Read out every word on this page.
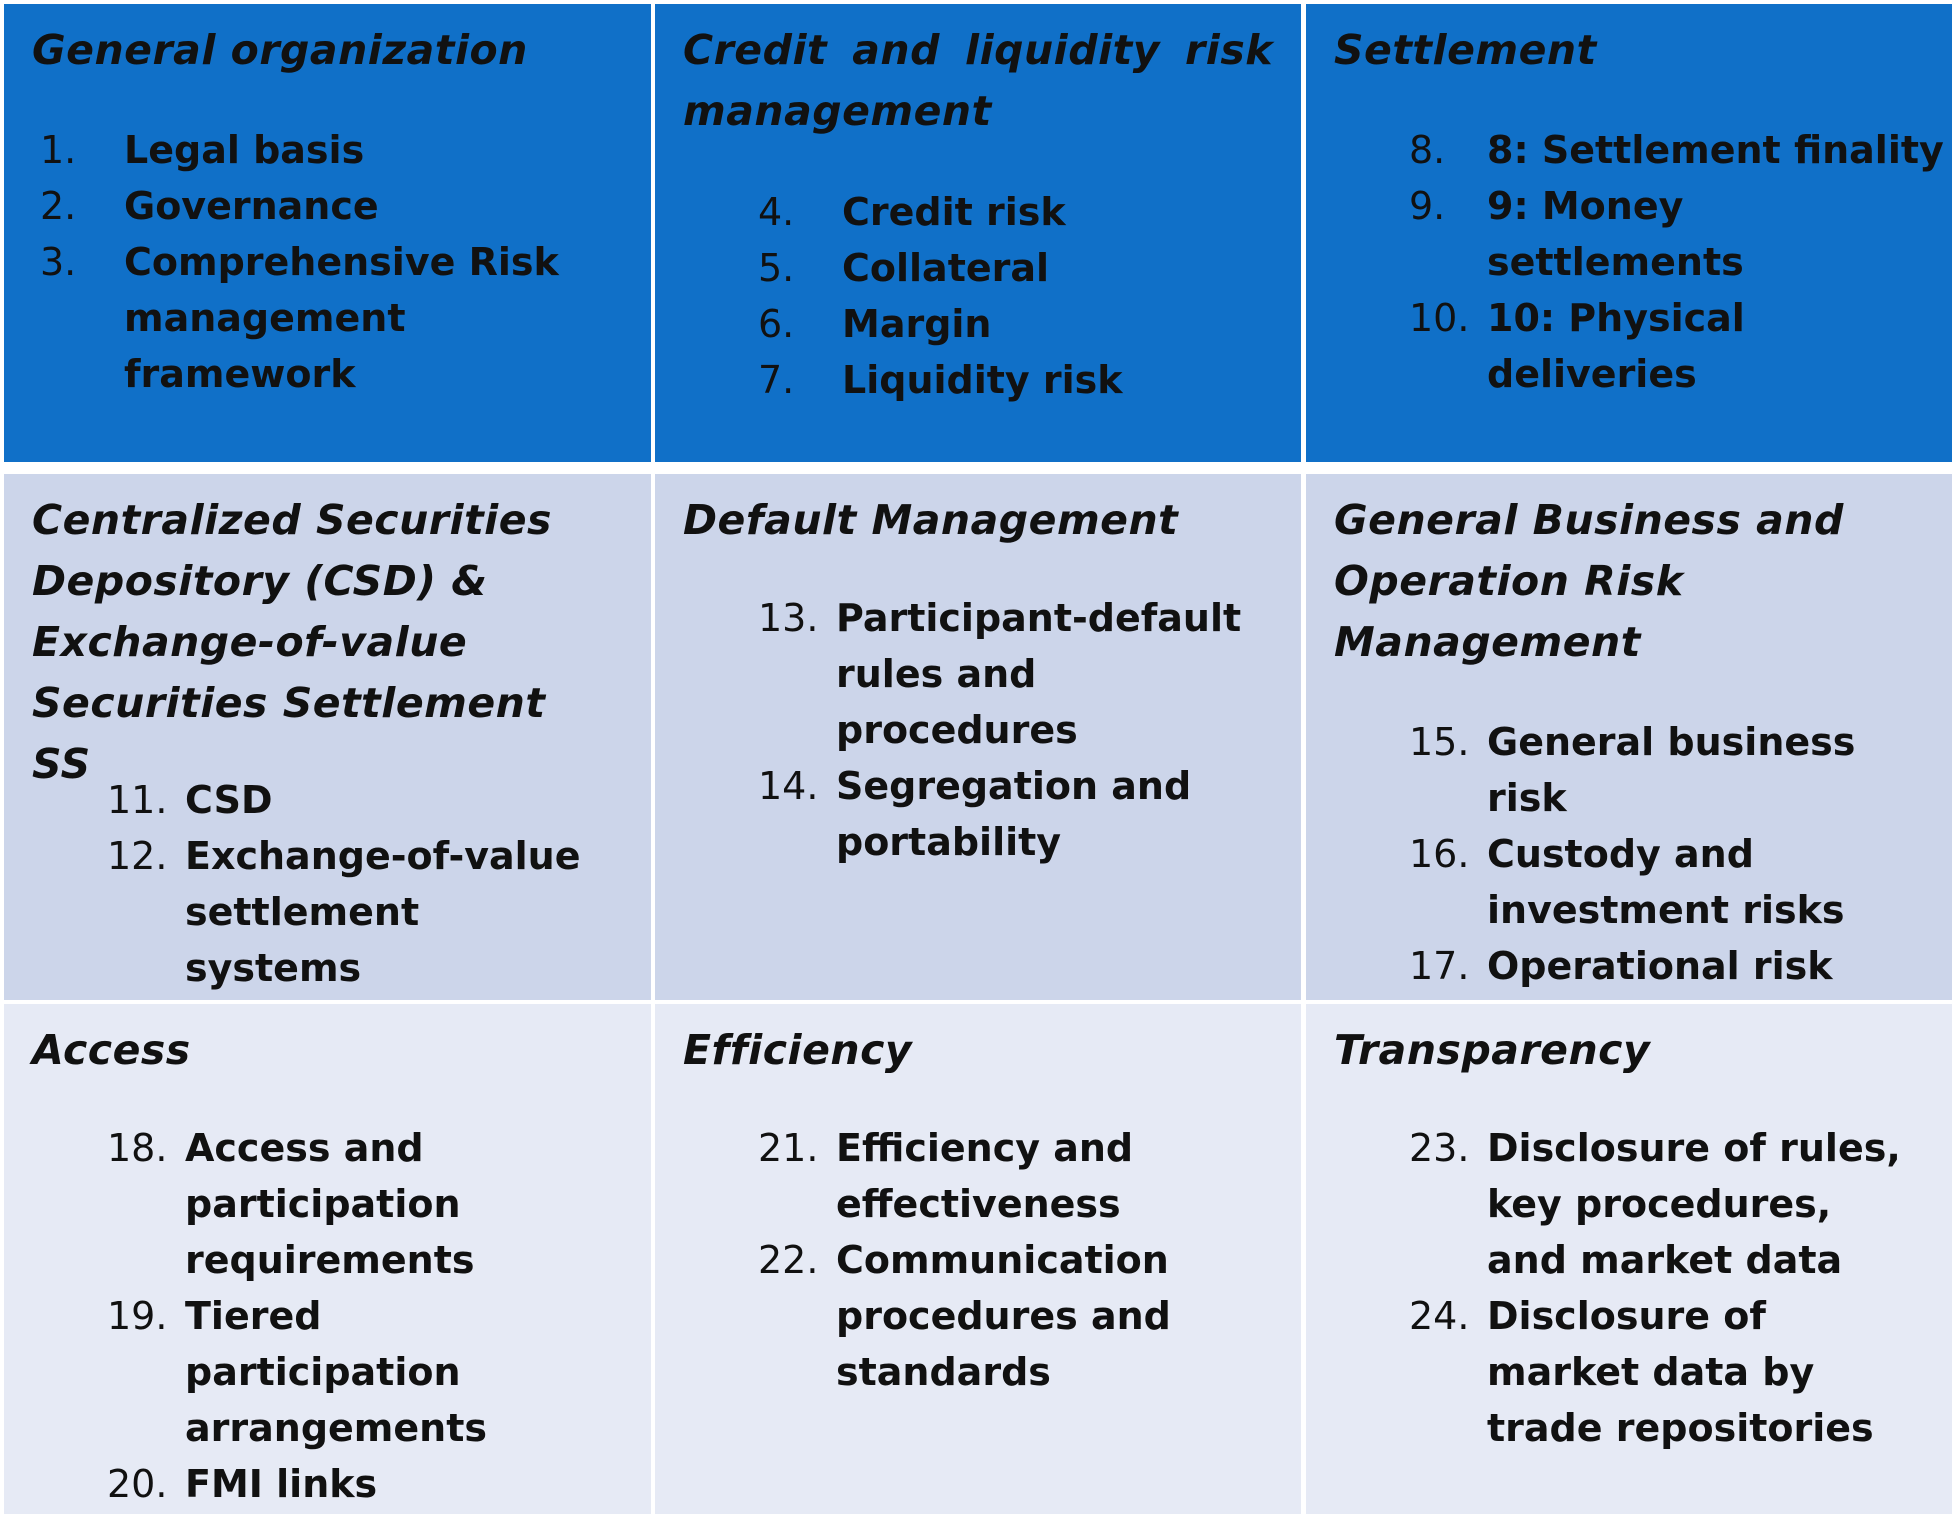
General organization
1. Legal basis
2. Governance
3. Comprehensive Risk management framework
Credit and liquidity risk management
4. Credit risk
5. Collateral
6. Margin
7. Liquidity risk
Settlement
8. 8: Settlement finality
9. 9: Money settlements
10. 10: Physical deliveries
Centralized Securities Depository (CSD) & Exchange-of-value Securities Settlement SS
11. CSD
12. Exchange-of-value settlement systems
Default Management
13. Participant-default rules and procedures
14. Segregation and portability
General Business and Operation Risk Management
15. General business risk
16. Custody and investment risks
17. Operational risk
Access
18. Access and participation requirements
19. Tiered participation arrangements
20. FMI links
Efficiency
21. Efficiency and effectiveness
22. Communication procedures and standards
Transparency
23. Disclosure of rules, key procedures, and market data
24. Disclosure of market data by trade repositories
